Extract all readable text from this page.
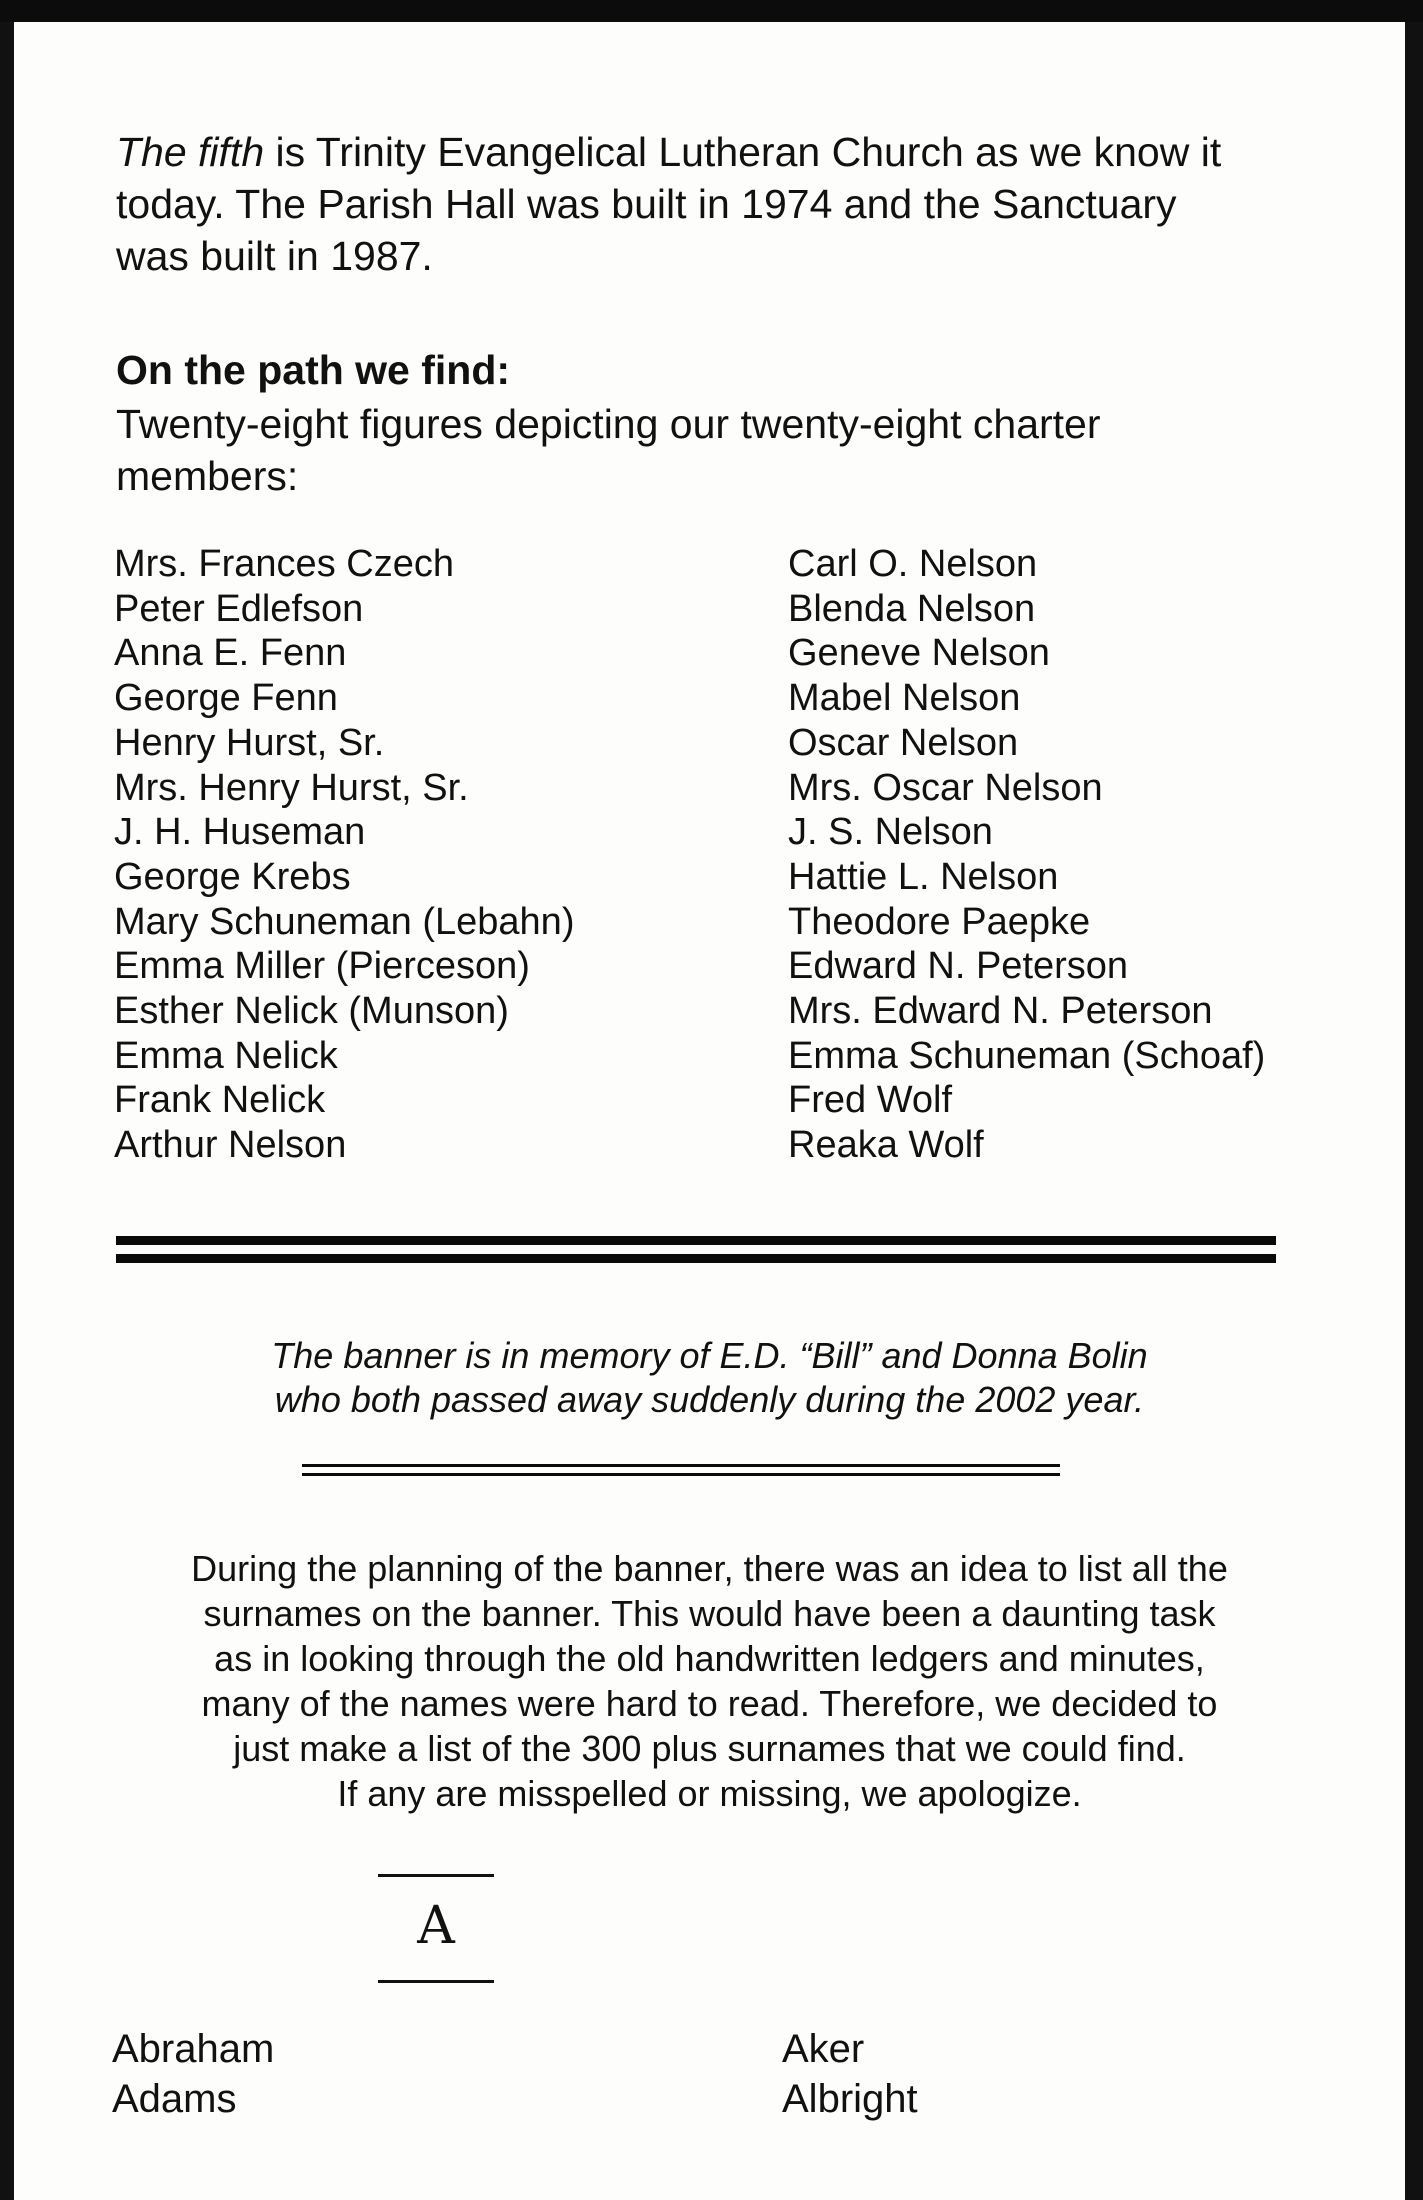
The fifth is Trinity Evangelical Lutheran Church as we know it
today. The Parish Hall was built in 1974 and the Sanctuary
was built in 1987.
On the path we find:
Twenty-eight figures depicting our twenty-eight charter
members:
Mrs. Frances Czech
Peter Edlefson
Anna E. Fenn
George Fenn
Henry Hurst, Sr.
Mrs. Henry Hurst, Sr.
J. H. Huseman
George Krebs
Mary Schuneman (Lebahn)
Emma Miller (Pierceson)
Esther Nelick (Munson)
Emma Nelick
Frank Nelick
Arthur Nelson
Carl O. Nelson
Blenda Nelson
Geneve Nelson
Mabel Nelson
Oscar Nelson
Mrs. Oscar Nelson
J. S. Nelson
Hattie L. Nelson
Theodore Paepke
Edward N. Peterson
Mrs. Edward N. Peterson
Emma Schuneman (Schoaf)
Fred Wolf
Reaka Wolf
The banner is in memory of E.D. “Bill” and Donna Bolin
who both passed away suddenly during the 2002 year.
During the planning of the banner, there was an idea to list all the
surnames on the banner. This would have been a daunting task
as in looking through the old handwritten ledgers and minutes,
many of the names were hard to read. Therefore, we decided to
just make a list of the 300 plus surnames that we could find.
If any are misspelled or missing, we apologize.
A
Abraham
Adams
Aker
Albright
